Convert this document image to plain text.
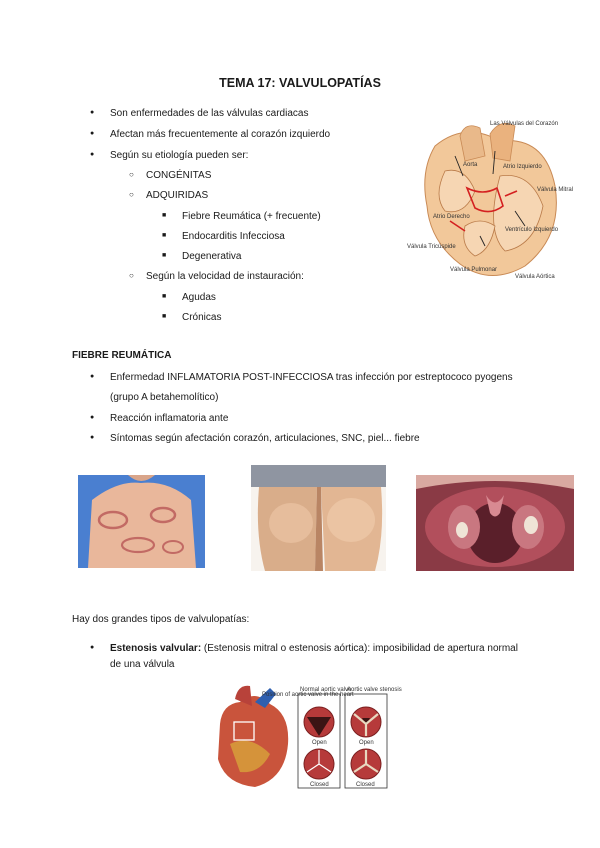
TEMA 17: VALVULOPATÍAS
● Son enfermedades de las válvulas cardiacas
● Afectan más frecuentemente al corazón izquierdo
● Según su etiología pueden ser:
○ CONGÉNITAS
○ ADQUIRIDAS
■ Fiebre Reumática (+ frecuente)
■ Endocarditis Infecciosa
■ Degenerativa
○ Según la velocidad de instauración:
■ Agudas
■ Crónicas
Las Válvulas del Corazón
Aorta	Atrio Izquierdo
Válvula Mitral
Atrio Derecho
Ventrículo Izquierdo
Válvula Tricúspide
Válvula Pulmonar
Válvula Aórtica
FIEBRE REUMÁTICA
● Enfermedad INFLAMATORIA POST-INFECCIOSA tras infección por estreptococo pyogens
(grupo A betahemolítico)
● Reacción inflamatoria ante
● Síntomas según afectación corazón, articulaciones, SNC, piel... fiebre
Hay dos grandes tipos de valvulopatías:
● Estenosis valvular: (Estenosis mitral o estenosis aórtica): imposibilidad de apertura normal
de una válvula
Position of aortic valve in the heart
Normal aortic valve
Aortic valve stenosis
Open
Closed
Open
Closed
